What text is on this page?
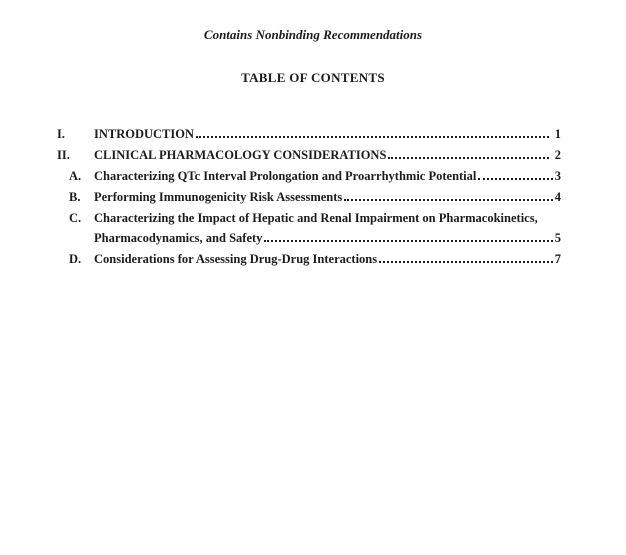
Contains Nonbinding Recommendations
TABLE OF CONTENTS
I.	INTRODUCTION	1
II.	CLINICAL PHARMACOLOGY CONSIDERATIONS	2
A.	Characterizing QTc Interval Prolongation and Proarrhythmic Potential	3
B.	Performing Immunogenicity Risk Assessments	4
C.	Characterizing the Impact of Hepatic and Renal Impairment on Pharmacokinetics,
Pharmacodynamics, and Safety	5
D.	Considerations for Assessing Drug-Drug Interactions	7
